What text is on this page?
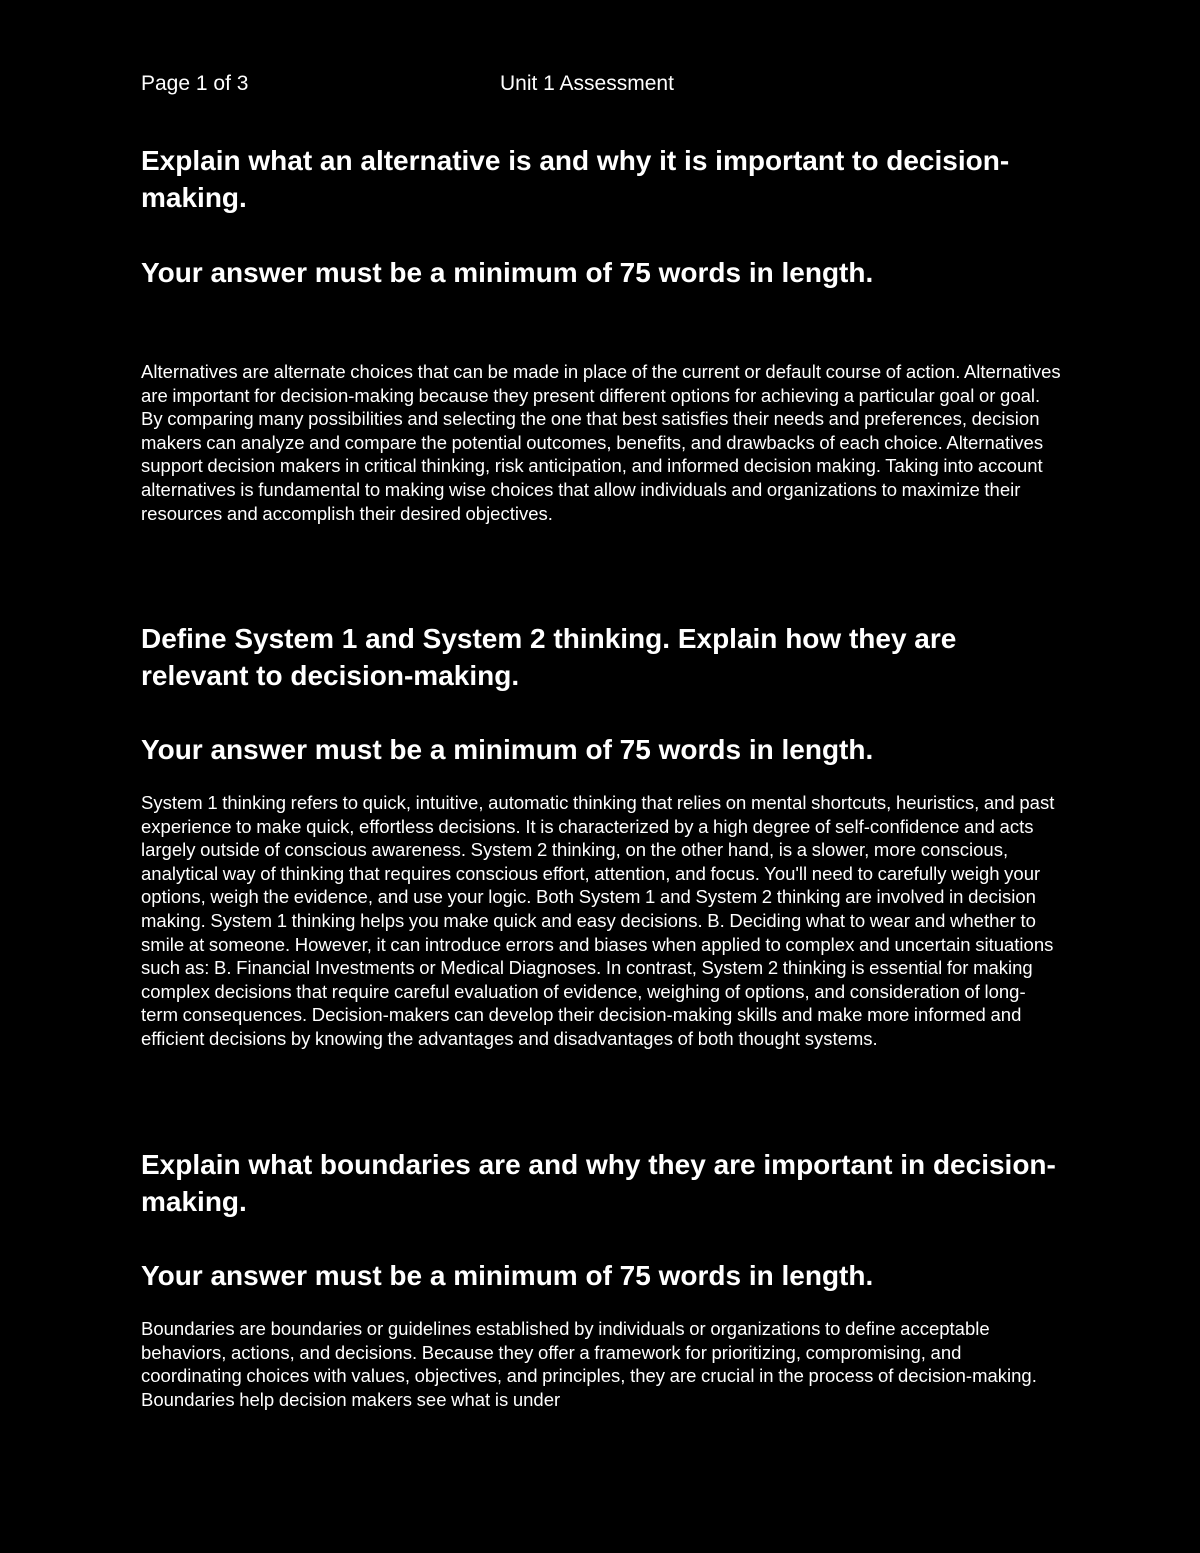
Page 1 of 3	Unit 1 Assessment
Explain what an alternative is and why it is important to decision-making.
Your answer must be a minimum of 75 words in length.

Alternatives are alternate choices that can be made in place of the current or default course of action. Alternatives are important for decision-making because they present different options for achieving a particular goal or goal. By comparing many possibilities and selecting the one that best satisfies their needs and preferences, decision makers can analyze and compare the potential outcomes, benefits, and drawbacks of each choice. Alternatives support decision makers in critical thinking, risk anticipation, and informed decision making. Taking into account alternatives is fundamental to making wise choices that allow individuals and organizations to maximize their resources and accomplish their desired objectives.

Define System 1 and System 2 thinking. Explain how they are relevant to decision-making.
Your answer must be a minimum of 75 words in length.

System 1 thinking refers to quick, intuitive, automatic thinking that relies on mental shortcuts, heuristics, and past experience to make quick, effortless decisions. It is characterized by a high degree of self-confidence and acts largely outside of conscious awareness. System 2 thinking, on the other hand, is a slower, more conscious, analytical way of thinking that requires conscious effort, attention, and focus. You'll need to carefully weigh your options, weigh the evidence, and use your logic. Both System 1 and System 2 thinking are involved in decision making. System 1 thinking helps you make quick and easy decisions. B. Deciding what to wear and whether to smile at someone. However, it can introduce errors and biases when applied to complex and uncertain situations such as: B. Financial Investments or Medical Diagnoses. In contrast, System 2 thinking is essential for making complex decisions that require careful evaluation of evidence, weighing of options, and consideration of long-term consequences. Decision-makers can develop their decision-making skills and make more informed and efficient decisions by knowing the advantages and disadvantages of both thought systems.

Explain what boundaries are and why they are important in decision-making.
Your answer must be a minimum of 75 words in length.

Boundaries are boundaries or guidelines established by individuals or organizations to define acceptable behaviors, actions, and decisions. Because they offer a framework for prioritizing, compromising, and coordinating choices with values, objectives, and principles, they are crucial in the process of decision-making. Boundaries help decision makers see what is under
